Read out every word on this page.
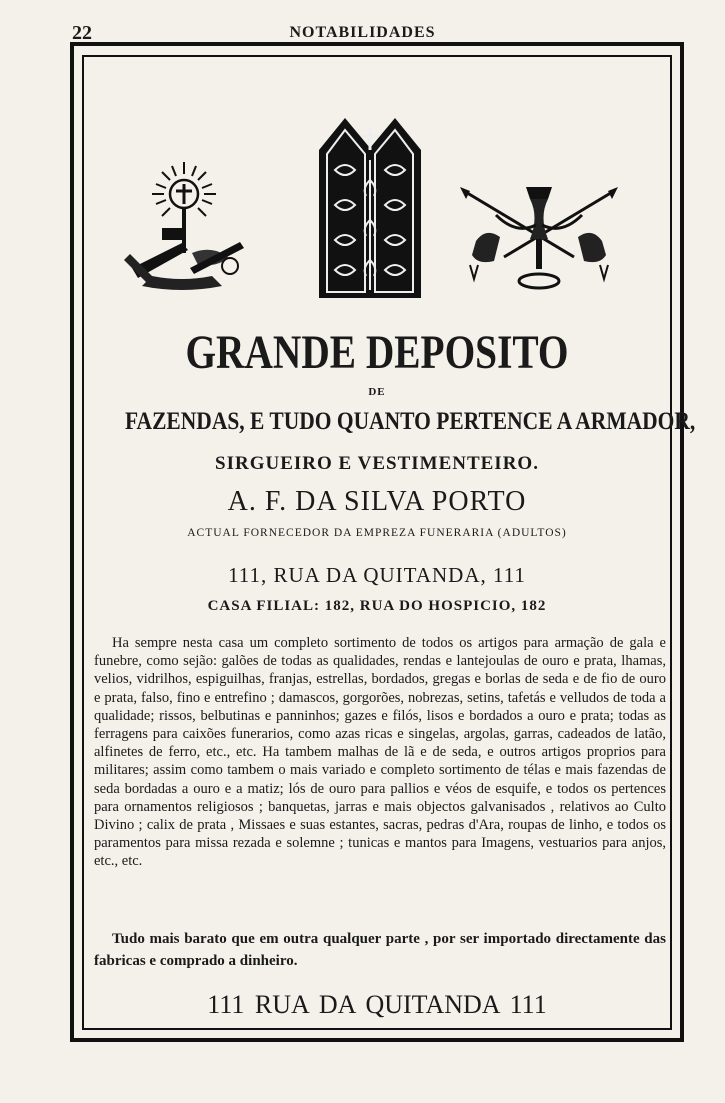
22	NOTABILIDADES
GRANDE DEPOSITO
DE
FAZENDAS, E TUDO QUANTO PERTENCE A ARMADOR,
SIRGUEIRO E VESTIMENTEIRO.
A. F. DA SILVA PORTO
ACTUAL FORNECEDOR DA EMPREZA FUNERARIA (ADULTOS)
111, RUA DA QUITANDA, 111
CASA FILIAL: 182, RUA DO HOSPICIO, 182

Ha sempre nesta casa um completo sortimento de todos os artigos para armação de gala e funebre, como sejão: galões de todas as qualidades, rendas e lantejoulas de ouro e prata, lhamas, velios, vidrilhos, espiguilhas, franjas, estrellas, bordados, gregas e borlas de seda e de fio de ouro e prata, falso, fino e entrefino ; damascos, gorgorões, nobrezas, setins, tafetás e velludos de toda a qualidade; rissos, belbutinas e panninhos; gazes e filós, lisos e bordados a ouro e prata; todas as ferragens para caixões funerarios, como azas ricas e singelas, argolas, garras, cadeados de latão, alfinetes de ferro, etc., etc. Ha tambem malhas de lã e de seda, e outros artigos proprios para militares; assim como tambem o mais variado e completo sortimento de télas e mais fazendas de seda bordadas a ouro e a matiz; lós de ouro para pallios e véos de esquife, e todos os pertences para ornamentos religiosos ; banquetas, jarras e mais objectos galvanisados , relativos ao Culto Divino ; calix de prata , Missaes e suas estantes, sacras, pedras d'Ara, roupas de linho, e todos os paramentos para missa rezada e solemne ; tunicas e mantos para Imagens, vestuarios para anjos, etc., etc.

Tudo mais barato que em outra qualquer parte , por ser importado directamente das fabricas e comprado a dinheiro.

111 RUA DA QUITANDA 111
